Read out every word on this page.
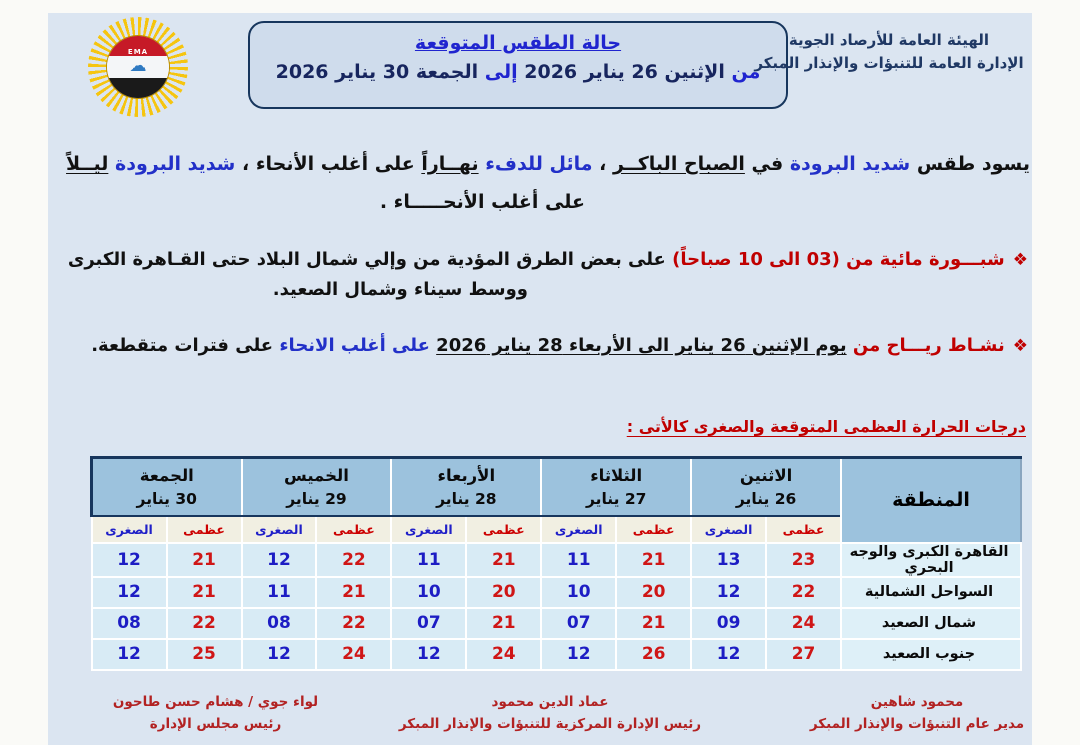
EMA
☁
حالة الطقس المتوقعة
من الإثنين 26 يناير 2026 إلى الجمعة 30 يناير 2026
الهيئة العامة للأرصاد الجوية
الإدارة العامة للتنبؤات والإنذار المبكر
يسود طقس شديد البرودة في الصباح الباكــر ، مائل للدفء نهــاراً على أغلب الأنحاء ، شديد البرودة ليــلاً
على أغلب الأنحـــــاء .
❖شبـــورة مائية من (03 الى 10 صباحاً) على بعض الطرق المؤدية من وإلي شمال البلاد حتى القـاهرة الكبرى
ووسط سيناء وشمال الصعيد.
❖نشـاط ريـــاح من يوم الإثنين 26 يناير الى الأربعاء 28 يناير 2026 على أغلب الانحاء على فترات متقطعة.
درجات الحرارة العظمى المتوقعة والصغرى كالأتى :
المنطقة	
الاثنين
26 يناير

الثلاثاء
27 يناير

الأربعاء
28 يناير

الخميس
29 يناير

الجمعة
30 يناير

	عظمى	الصغرى	عظمى	الصغرى	عظمى	الصغرى	عظمى	الصغرى	عظمى	الصغرى
القاهرة الكبرى والوجه البحري	23	13	21	11	21	11	22	12	21	12
السواحل الشمالية	22	12	20	10	20	10	21	11	21	12
شمال الصعيد	24	09	21	07	21	07	22	08	22	08
جنوب الصعيد	27	12	26	12	24	12	24	12	25	12
محمود شاهين
مدير عام التنبؤات والإنذار المبكر
عماد الدين محمود
رئيس الإدارة المركزية للتنبؤات والإنذار المبكر
لواء جوي / هشام حسن طاحون
رئيس مجلس الإدارة
